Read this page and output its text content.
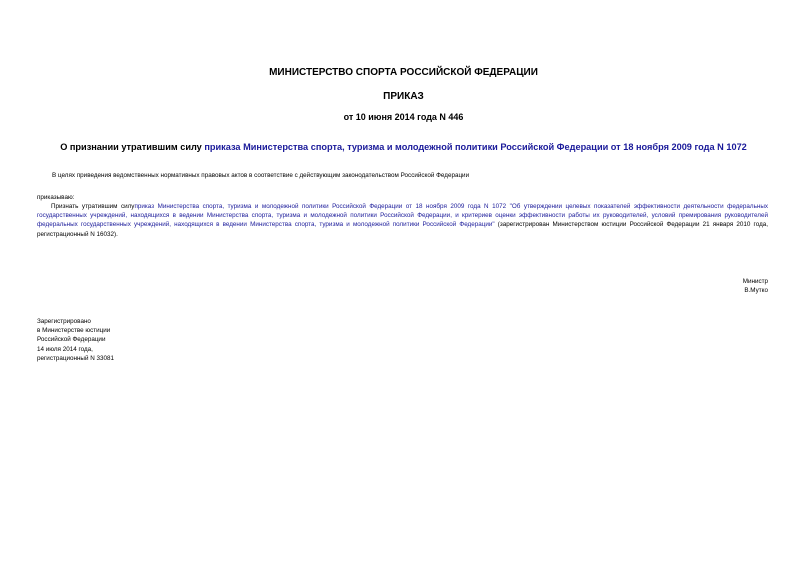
МИНИСТЕРСТВО СПОРТА РОССИЙСКОЙ ФЕДЕРАЦИИ
ПРИКАЗ
от 10 июня 2014 года N 446
О признании утратившим силу приказа Министерства спорта, туризма и молодежной политики Российской Федерации от 18 ноября 2009 года N 1072
В целях приведения ведомственных нормативных правовых актов в соответствие с действующим законодательством Российской Федерации
приказываю:
Признать утратившим силуприказ Министерства спорта, туризма и молодежной политики Российской Федерации от 18 ноября 2009 года N 1072 "Об утверждении целевых показателей эффективности деятельности федеральных государственных учреждений, находящихся в ведении Министерства спорта, туризма и молодежной политики Российской Федерации, и критериев оценки эффективности работы их руководителей, условий премирования руководителей федеральных государственных учреждений, находящихся в ведении Министерства спорта, туризма и молодежной политики Российской Федерации" (зарегистрирован Министерством юстиции Российской Федерации 21 января 2010 года, регистрационный N 16032).
Министр
В.Мутко
Зарегистрировано
в Министерстве юстиции
Российской Федерации
14 июля 2014 года,
регистрационный N 33081
